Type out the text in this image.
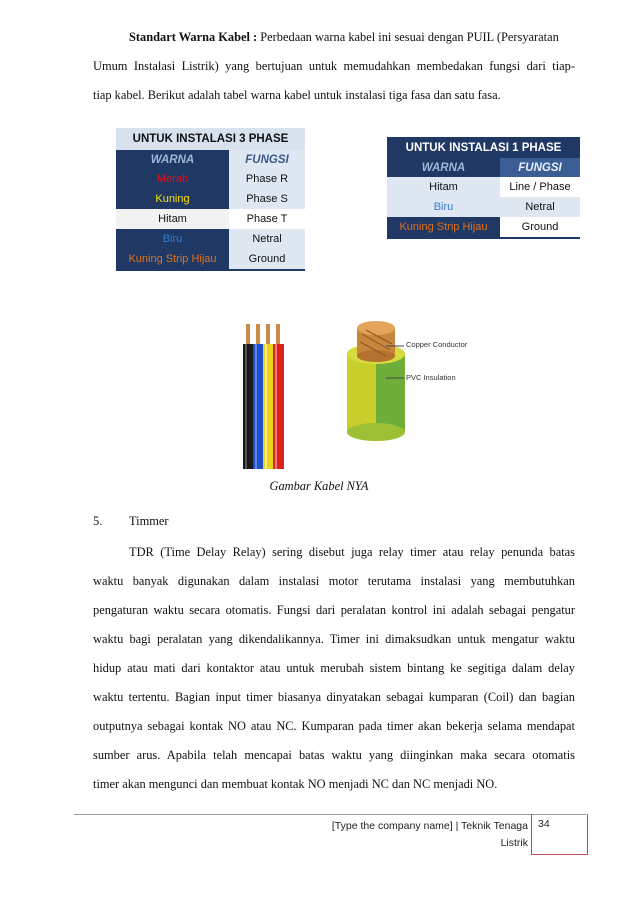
Standart Warna Kabel : Perbedaan warna kabel ini sesuai dengan PUIL (Persyaratan
Umum Instalasi Listrik) yang bertujuan untuk memudahkan membedakan fungsi dari tiap-
tiap kabel. Berikut adalah tabel warna kabel untuk instalasi tiga fasa dan satu fasa.
UNTUK INSTALASI 3 PHASE	
WARNA	FUNGSI
Merah	Phase R
Kuning	Phase S
Hitam	Phase T
Biru	Netral
Kuning Strip Hijau	Ground
UNTUK INSTALASI 1 PHASE	
WARNA	FUNGSI
Hitam	Line / Phase
Biru	Netral
Kuning Strip Hijau	Ground
Copper Conductor
PVC Insulation
Gambar Kabel NYA
5. Timmer
TDR (Time Delay Relay) sering disebut juga relay timer atau relay penunda batas
waktu banyak digunakan dalam instalasi motor terutama instalasi yang membutuhkan
pengaturan waktu secara otomatis. Fungsi dari peralatan kontrol ini adalah sebagai pengatur
waktu bagi peralatan yang dikendalikannya. Timer ini dimaksudkan untuk mengatur waktu
hidup atau mati dari kontaktor atau untuk merubah sistem bintang ke segitiga dalam delay
waktu tertentu. Bagian input timer biasanya dinyatakan sebagai kumparan (Coil) dan bagian
outputnya sebagai kontak NO atau NC. Kumparan pada timer akan bekerja selama mendapat
sumber arus. Apabila telah mencapai batas waktu yang diinginkan maka secara otomatis
timer akan mengunci dan membuat kontak NO menjadi NC dan NC menjadi NO.
[Type the company name] | Teknik Tenaga
Listrik
34
